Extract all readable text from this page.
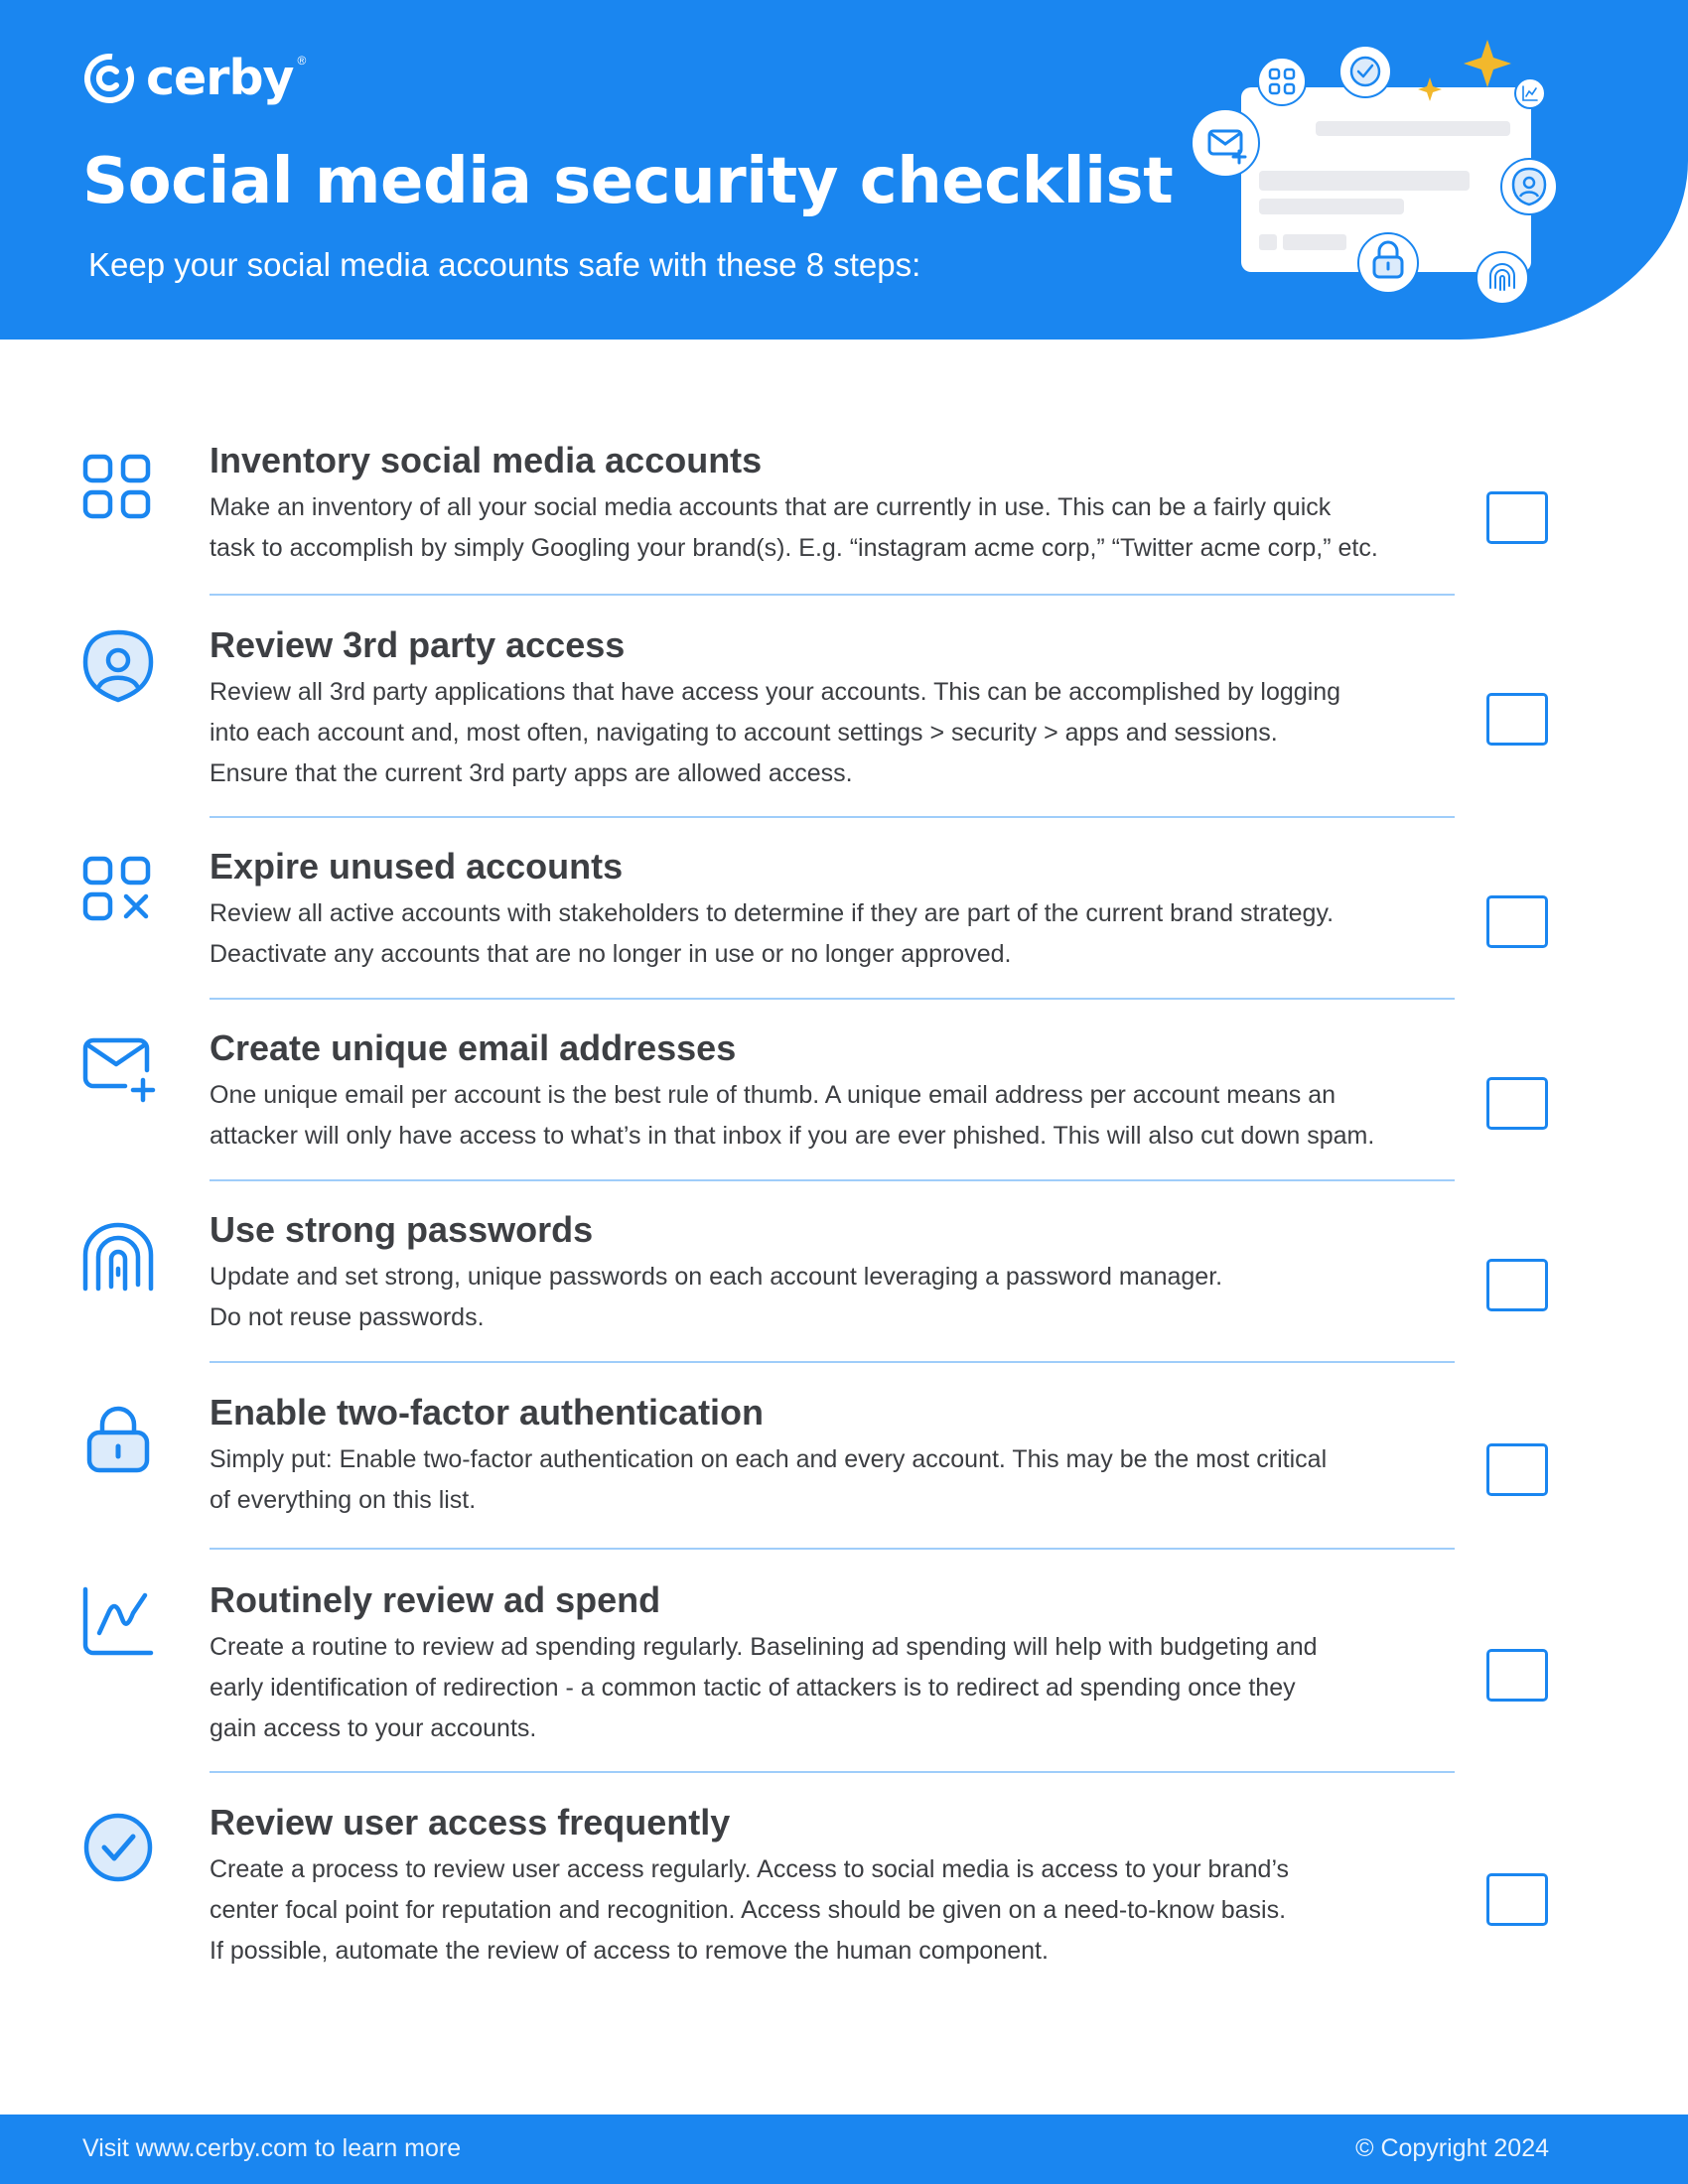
cerby ®
Social media security checklist
Keep your social media accounts safe with these 8 steps:
Inventory social media accounts
Make an inventory of all your social media accounts that are currently in use. This can be a fairly quick
task to accomplish by simply Googling your brand(s). E.g. “instagram acme corp,” “Twitter acme corp,” etc.
Review 3rd party access
Review all 3rd party applications that have access your accounts. This can be accomplished by logging
into each account and, most often, navigating to account settings > security > apps and sessions.
Ensure that the current 3rd party apps are allowed access.
Expire unused accounts
Review all active accounts with stakeholders to determine if they are part of the current brand strategy.
Deactivate any accounts that are no longer in use or no longer approved.
Create unique email addresses
One unique email per account is the best rule of thumb. A unique email address per account means an
attacker will only have access to what’s in that inbox if you are ever phished. This will also cut down spam.
Use strong passwords
Update and set strong, unique passwords on each account leveraging a password manager.
Do not reuse passwords.
Enable two-factor authentication
Simply put: Enable two-factor authentication on each and every account. This may be the most critical
of everything on this list.
Routinely review ad spend
Create a routine to review ad spending regularly. Baselining ad spending will help with budgeting and
early identification of redirection - a common tactic of attackers is to redirect ad spending once they
gain access to your accounts.
Review user access frequently
Create a process to review user access regularly. Access to social media is access to your brand’s
center focal point for reputation and recognition. Access should be given on a need-to-know basis.
If possible, automate the review of access to remove the human component.
Visit www.cerby.com to learn more	© Copyright 2024
